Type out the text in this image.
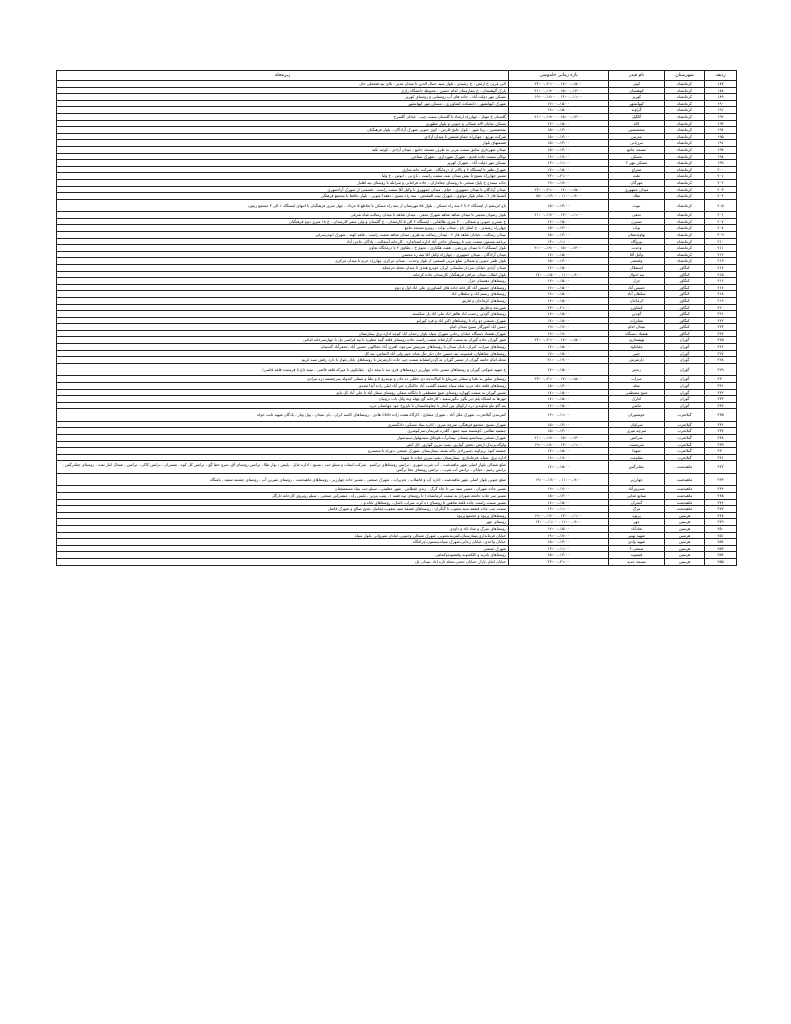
ردیف	شهرستان	نام فیدر	بازه زمانی خاموشی	زیرمحله
۱۸۷	کرمانشاه	کوثر	۲۳:۰۰--۲۱:۰۰ - ۱۷:۰۰--۱۵:۰۰	لاین غربی خ ارتش - خ رشیدی - بلوار سید جمال الدین تا میدان غدیر - بلای تپه فتحعلی خان
۱۸۸	کرمانشاه	کوهستان	۲۱:۰۰--۱۹:۰۰ - ۱۵:۰۰--۱۳:۰۰	پارک گوهستان - خ بیمارستان امام حسین - محوطه دانشگاه رازی
۱۸۹	کرمانشاه	کهریز	۱۹:۰۰--۱۷:۰۰ - ۱۳:۰۰--۱۱:۰۰	مسکن مهر دولت آباد - جاده های آب روستایی و روستای کهریز
۱۹۰	کرمانشاه	کیهانشهر	۱۷:۰۰--۱۵:۰۰	شهرک کیهانشهر - دانشکده کشاورزی - مسکن مهر کیهانشهر
۱۹۱	کرمانشاه	گراوند	۱۷:۰۰--۱۵:۰۰	-
۱۹۲	کرمانشاه	گلگیل	۲۱:۰۰--۱۹:۰۰ - ۱۵:۰۰--۱۳:۰۰	گلستان خ مهناز - چهارراه ارشاد تا گلستان سمت چپ - خیابان گلسرخ
۱۹۳	کرمانشاه	لاله	۱۷:۰۰--۱۵:۰۰	مسکن خیابان لاله شمالی و جنوبی و بلوار مطهری
۱۹۴	کرمانشاه	متخصصین	۱۵:۰۰--۱۳:۰۰	متخصصین - زیبا شهر - بلوار خلیج فارس - کوی جنوبی شهرک آزادگان - بلوار فرهنگیان
۱۹۵	کرمانشاه	مدرس	۱۵:۰۰--۱۳:۰۰	شرکت توزیع - چهارراه حمام شمس تا میدان آزادی
۱۹۶	کرمانشاه	مرزبانی	۱۵:۰۰--۱۳:۰۰	قسمتهای بلوار
۱۹۷	کرمانشاه	مسجد جامع	۱۵:۰۰--۱۳:۰۰	میدان شهرداری سابق سمت غربی به طرف مسجد جامع - میدان آزادی - کوچه تکیه
۱۹۸	کرمانشاه	مسکن	۱۹:۰۰--۱۷:۰۰	نوکان سمت جاده قدیم - شهرک شهرداری - شهرک نساجی
۱۹۹	کرمانشاه	مسکن مهر ۲	۱۳:۰۰--۱۱:۰۰	مسکن مهر دولت آباد - شهرک کهریز
۲۰۰	کرمانشاه	معراج	۱۷:۰۰--۱۵:۰۰	شهرک ظفر تا ایستگاه ۴ و بالاتر از درمانگاه - شرکت خانه سازی
۲۰۱	کرمانشاه	ملت	۲۳:۰۰--۲۱:۰۰	مسیر چهارراه بسیج تا نبش میدان نفت سمت راست - باغ نی - انوش - خ ولیا
۲۰۲	کرمانشاه	مهرگان	۱۹:۰۰--۱۷:۰۰	جاده سنندج خ پاپک صنعتی تا روستای چغاماران - جاده فرامانی و سرابله تا روستای تپه اهلباز
۲۰۳	کرمانشاه	میدان جمهوری	۲۳:۰۰--۲۱:۰۰ - ۱۷:۰۰--۱۵:۰۰	میدان آزادگان تا میدان جمهوری - خیام - میدان جمهوری تا وکیل آقا سمت راست - قسمتی از شهرک آزادشهری
۲۰۴	کرمانشاه	میلاد	۱۵:۰۰--۱۳:۰۰ - ۱۱:۰۰--۹:۰۰	آتشنیا فاز ۲ - تمام بلوار مولوی - شهرک بیت المقدس - سه راه بسیج - دهقدا جنوبی - بلوار حافظ تا مجتمع فرهنگی
۲۰۵	کرمانشاه	نبوت	۱۵:۰۰--۱۳:۰۰	باغ ابریشم از ایستگاه ۲ تا ۲ سه راه مسکن - بلوار ۵۸ مهرستان از سه راه مسکن تا تقاطع ۵ خرداد - چهل متری فرهنگیان تا انتهای ایستگاه ۱ الی ۳ مجتمع زیتون
۲۰۶	کرمانشاه	نجفی	۲۱:۰۰--۱۹:۰۰ - ۱۳:۰۰--۱۱:۰۰	بلوار رضوان مجتبی تا میدان شاهد شاهد شهرک نجفی - میدان شاهد تا میدان رسالت شاه شرقی
۲۰۷	کرمانشاه	نسترن	۱۷:۰۰--۱۵:۰۰	خ نسترن جنوبی و شمالی - ۳۰ متری طالقانی - ایستگاه ۲ الی ۵ کارمندان - خ گلستان و ولی عصر کارمندان - خ ۱۸ متری دوم فرهنگیان
۲۰۸	کرمانشاه	نواب	۱۵:۰۰--۱۳:۰۰	چهارراه رشیدی - خ اشک تاغ - میدان نواب - روبرو مسجد جامع
۲۰۹	کرمانشاه	نهاوندستان	۱۵:۰۰--۱۳:۰۰	میدان رسالت - خیابان شاهد فاز ۲ - میدان رسالت به طرف میدان شاهد سمت راست - قلعه کهنه - شهرک ابوذرسرایی
۲۱۰	کرمانشاه	نیروگاه	۱۳:۰۰--۱۱:۰۰	برنامه بیستون سمت چپ تا روستای حاجی آباد اداره استاندارد - کارخانه آسفالت - پادگان حاجی آباد
۲۱۱	کرمانشاه	وحدت	۲۱:۰۰--۱۹:۰۰ - ۱۵:۰۰--۱۳:۰۰	بلوار ایستگاه ۶ تا میدان ورزشی - هفت هکتاری - نجوم خ - نطاوی ۲ تا درمانگاه تعاون
۲۱۲	کرمانشاه	وکیل آقا	۱۷:۰۰--۱۵:۰۰	میدان آزادگان - میدان جمهوری - چهارراه وکیل آقا سه ره محسن
۲۱۳	کرمانشاه	ولیعصر	۱۵:۰۰--۱۳:۰۰	بلوار ظفر جنوبی و شمالی ضلع غربی قسمتی از بلوار وحدت - میدان مرکزی چهارراه خرم تا میدان مرکزی
۲۱۴	کنگاور	استقلال	۱۷:۰۰--۱۵:۰۰	میدان آزادی خیابان سردار سلیمانی ایران خودرو هتدی تا میدان محله خرمحله
۲۱۵	کنگاور	تپه احوال	۱۷:۰۰--۱۵:۰۰ - ۱۱:۰۰--۹:۰۰	بلوار انقلاب میدان عراقی فرهنگیان کارمندان جاده کرخانه
۲۱۶	کنگاور	جزل	۱۷:۰۰--۱۵:۰۰	روستاهای دهستان جزل
۲۱۷	کنگاور	خمیس آباد	۱۷:۰۰--۱۵:۰۰	روستاهای خمیس آباد کارخانه جاده های کشاورزی علی اباد اول و دوم
۲۱۸	کنگاور	سلطان آباد	۱۷:۰۰--۱۵:۰۰	روستاهای رستم اباد و سلطان اباد
۲۱۹	کنگاور	کرماجان	۱۷:۰۰--۱۵:۰۰	روستاهای کرماجان و فارتق
۲۲۰	کنگاور	کشاورز	۲۳:۰۰--۲۱:۰۰	شورنجه و فارتق
۲۲۱	کنگاور	گودین	۱۷:۰۰--۱۵:۰۰	روستاهای گودین رحمت اباد ظاهر اباد علی اباد پل شکسته
۲۲۲	کنگاور	مفابرات	۱۷:۰۰--۱۵:۰۰	شهرک صنعتی دو راه تا روستاهای اکبر اباد و فرد کورابو
۲۲۳	کنگاور	میدان امام	۱۹:۰۰--۱۷:۰۰	حسن اباد آموزگار بسیج میدان امام
۲۲۴	کنگاور	هشتاد دستگاه	۱۹:۰۰--۱۷:۰۰	شهرک هشتاد دستگاه خیابان رحانی شهرک سپاه بلوار رحمان اباد کوچه اداره برق بیمارستان
۲۲۵	گوران	بهشتداری	۲۳:۰۰--۲۱:۰۰ - ۱۷:۰۰--۱۵:۰۰	شهر گوران جاده گوران به سمت گزارشانه سمت راست جاده روستای قلعه گنبه مطیره تا تپه قراسی پک تا چهارسرخانه امامی
۲۲۶	گوران	چقانکود	۱۷:۰۰--۱۵:۰۰	روستاهای سراب، کیران، بابان میدان تا روستاهای سرنیش سرخود، افتری آباد چقاالهی حسین آباد ،جعفرآباد گندمبان
۲۲۷	گوران	خیبر	۱۷:۰۰--۱۵:۰۰	روستاهای چقاهلیان، فیسونه، تیه حسین خان دیار تنگ شاه، خیبر ولی آباد التماس، تیه کل
۲۲۸	گوران	دارتفرش	۲۱:۰۰--۱۹:۰۰	محله امام خامنه گوران از مسیر گوران به گزدرامشانه سمت چپ جاده دارتفرش تا روستاهای بابان بلوار تا دارد رقش سید کریم
۲۲۹	گوران	زنجیر	۱۷:۰۰--۱۵:۰۰	خ شهید شوکتی گوران و روستاهای مسیر جاده چهارزبر (روستاهای قری تیه تا تیمه داغ - چقانکوی تا میرکه قلعه قاضی - تیمه داغ تا فرسنده قلعه قاضی)
۲۳۰	گوران	سراب	۲۳:۰۰--۲۱:۰۰ - ۱۷:۰۰--۱۵:۰۰	روستای میلور به علیا و سفلی سرپناغ تا کوالاندچه دی خلیلی ده جان و تونبدرو تا و علیا و سفلی کندوله سرچشمه دره مرادی
۲۳۱	گوران	شله	۱۵:۰۰--۱۳:۰۰	روستاهای قلعه خلد حرب شله سیاه چشمه گلشت آباد جاکنگره خیر آباد لیلی زاده آیدا مجدی
۲۳۲	گوران	شیخ مصطفی	۱۷:۰۰--۱۵:۰۰	مسیر گوران به سمت کهواره روستای شیخ مصطفی تا بابگانه سفلی روستای سفار آباد تا علی آباد کل بانو
۲۳۳	گوران	کنارک	۱۷:۰۰--۱۵:۰۰	مهرها به لشکاه پلم دیر نگوز ،نگورسفید ، کارخانه گچ چهله ونه ولک باب ،زونیان
۲۳۴	گوران	ماشن	۱۷:۰۰--۱۵:۰۰	بنه گاو ماو شاوندیژ دره ارکولک بین آبدار نا چغاوماسیدان تا تاپروخ جود جهانسان دیره
۲۳۵	گیلانغرب	خوشنوران	۱۳:۰۰--۱۱:۰۰	کمربندی گیلانغرب- شهرک ملک آباد - شهرک مشایخ - کارگاه همت زاده CNG هادی - روستاهای کاسه کران - بان عیدان - پول وبار - پادگان شهید ثابت خواه
۲۳۶	گیلانغرب	سراوان	۱۵:۰۰--۱۳:۰۰	شهرک بسیج ،مجتمع فرهنگی، سرچه میری ، اداره بنیاد مسکن، دادگستری
۲۳۷	گیلانغرب	سرچه میری	۱۵:۰۰--۱۳:۰۰	چشمه نظامی ،کوشسه سید جمع ، گلدره فیزیمان،سرکوشری
۲۳۸	گیلانغرب	سرکش	۲۱:۰۰--۱۹:۰۰ - ۱۵:۰۰--۱۳:۰۰	شهرک صنعتی،پیمانسو،بیستان ،پیمانرآب،قوچاق،سیدبهلول،سیدسوار
۲۳۹	گیلانغرب	سرمست	۱۹:۰۰--۱۷:۰۰ - ۱۳:۰۰--۱۱:۰۰	واوگه،پرندک ارتش ،بخش گوازور ،پمپ بنزین گوازور ،کل کش
۲۴۰	گیلانغرب	شهدا	۱۷:۰۰--۱۵:۰۰	چشمه کبود ،ریزاوند ،شیرزادی ،یاله بشته ،بیمارستان ،شهرک صنعتی ،دوراه تا سمندرو
۲۴۱	گیلانغرب	مقاومت	۱۹:۰۰--۱۷:۰۰	اداره برق ،سپاه ،فرمانداری ،بیمارستان ،پمپ بنزین حیات تا شهدا
۲۴۲	ماهیدشت	چقانرگس	۱۷:۰۰--۱۵:۰۰	ضلع شمالی بلوار اصلی شهر ماهیدشت - آب شرب شهری ، ترانس روستاهای ترکسو ، شرکت لبنیات و سیلو جب ، بسیج ، اداره مایل ، پلیس ، نوار طلا ، ترانس روستای آق، سرو خط گچ ، ترانس کل کوه ، شمیران ، ترانس کاکی ، ترانس ، شمال انبار نفت ، روستای چقانرگس ، ترانس رحیم ، خیابان ، ترانس آب شرب ، ترانس روستای چقا نرگس
۲۴۳	ماهیدشت	چهارزبر	۱۹:۰۰--۱۷:۰۰ - ۱۱:۰۰--۹:۰۰	ضلع جنوبی بلوار اصلی شهر ماهیدشت ، اداره آب و فاضلاب ، تعزیرات ، شهرک صنعتی ، مسیر جاده چهارزبر ، روستاهای ماهیدشت ، روستای شیرین آب ، روستای چشمه سفید ، پاسگاه
۲۴۴	ماهیدشت	مسرورآباد	۱۹:۰۰--۱۷:۰۰	مسیر جاده شهران ، مسیر سید نبی تا چاه گرگ ، زندی قیطاس ، شهر عظیمی ، سیلو جب بنیاد مستضعفان
۲۴۵	ماهیدشت	صنایع غذایی	۱۵:۰۰--۱۳:۰۰	مسیر سر جاده جامعه شوران به سمت کرمانشاه ( تا روستای توه فقیه ) ، پمپ بنزین ، پلیس راه ، مشترکین صنعتی ، سیلو روبروی کارخانه دارگل
۲۴۶	ماهیدشت	گنجران	۱۷:۰۰--۱۵:۰۰	مسیر سمت راست جاده قلعه شاهین تا روستای ده کره، سراب ،اشک ، روستاهای باباه و ،
۲۴۷	ماهیدشت	مرگ	۱۳:۰۰--۱۱:۰۰	سمت چپ جاده قشقه سید یعقوب تا گنگران ، روستاهای فشقه سید یعقوب،چقانیک ،شیخ صالح و شهرک فاضل
۲۴۸	هرسین	پریوه	۱۹:۰۰--۱۷:۰۰ - ۱۳:۰۰--۱۱:۰۰	روستاهای پریوه و مجتمع پریوه
۲۴۹	هرسین	چهر	۱۳:۰۰--۱۱:۰۰ - ۱۱:۰۰--۹:۰۰	روستای چهر
۲۵۰	هرسین	شادآباد	۱۷:۰۰--۱۵:۰۰	روستاهای سرگ و شاد اباد و داودی
۲۵۱	هرسین	شهید بهنیر	۱۹:۰۰--۱۷:۰۰	خیابان فرمانداری،بیمارستان،کمربندیجنوبی، شهرک شمالی وجنوبی،خیابان شیروانی ،بلوار سپاه
۲۵۲	هرسین	شهید وادی	۱۵:۰۰--۱۳:۰۰	خیابان واحدی، خیابان رحانی،شهرک سپاه،بیستون،چراغگاه
۲۵۳	هرسین	صنعتی ۲	۱۳:۰۰--۱۱:۰۰	شهرک صنعتی
۲۵۴	هرسین	قیصوند	۱۵:۰۰--۱۳:۰۰	روستاهای بانزید و کلکشوند وقیصوندوکمامی
۲۵۵	هرسین	مسجد جدید	۲۳:۰۰--۲۱:۰۰	خیابان امام ،بازار ،خیابان حجتی،محله تازه اباد ،میدان تک
